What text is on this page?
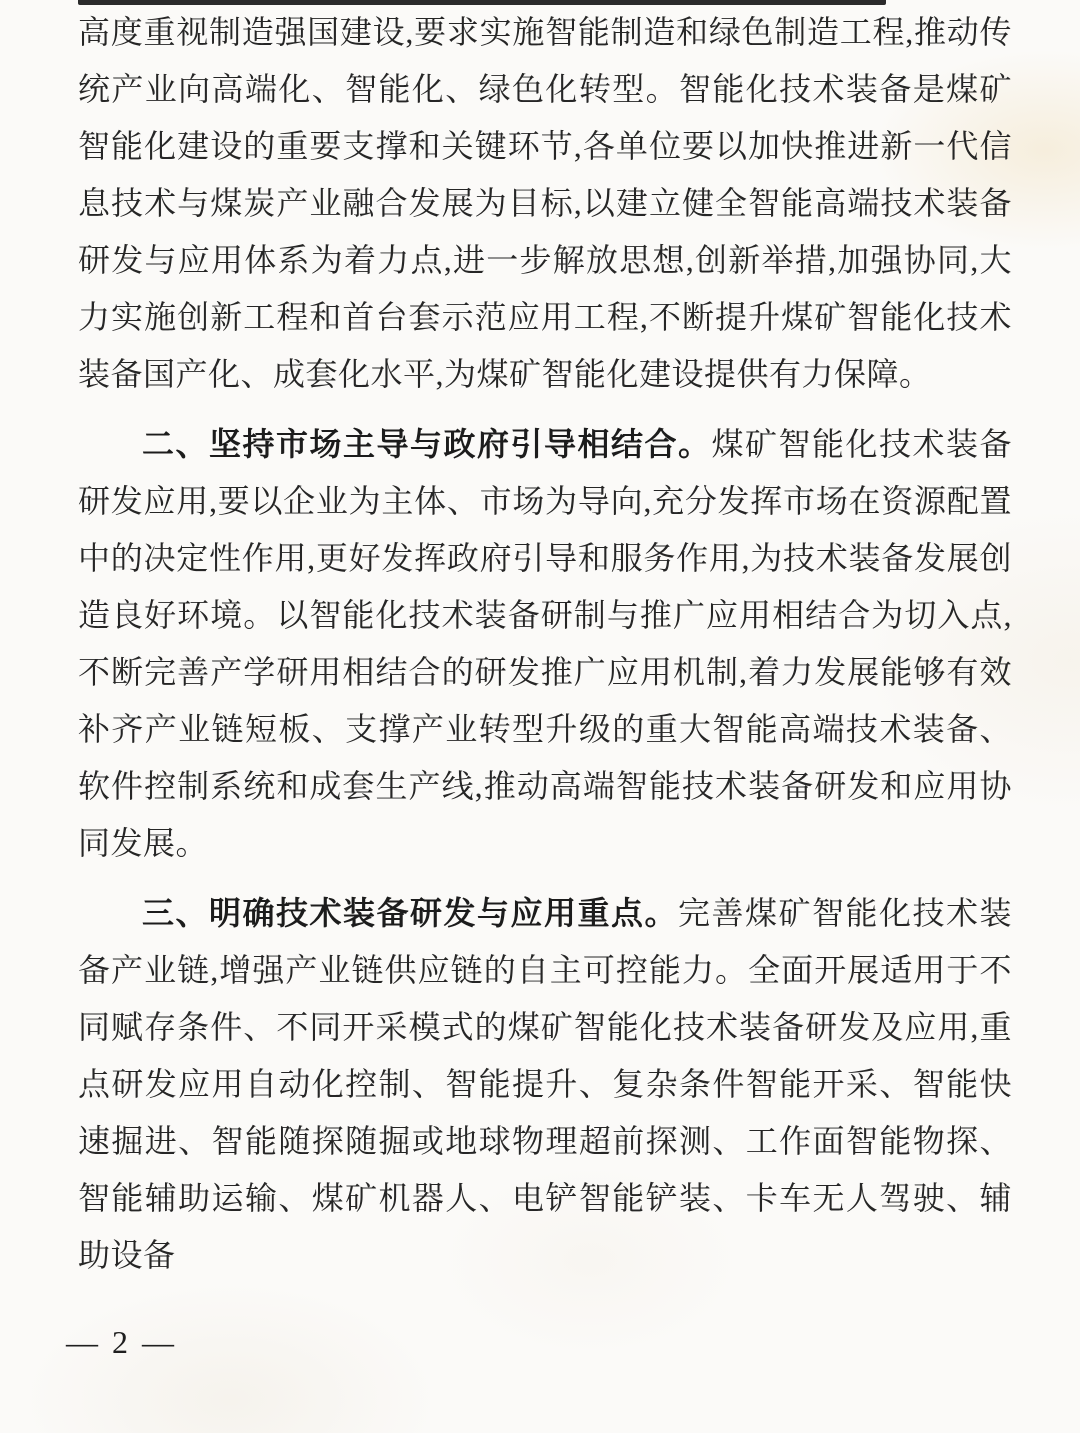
高度重视制造强国建设,要求实施智能制造和绿色制造工程,推动传统产业向高端化、智能化、绿色化转型。智能化技术装备是煤矿智能化建设的重要支撑和关键环节,各单位要以加快推进新一代信息技术与煤炭产业融合发展为目标,以建立健全智能高端技术装备研发与应用体系为着力点,进一步解放思想,创新举措,加强协同,大力实施创新工程和首台套示范应用工程,不断提升煤矿智能化技术装备国产化、成套化水平,为煤矿智能化建设提供有力保障。

二、坚持市场主导与政府引导相结合。煤矿智能化技术装备研发应用,要以企业为主体、市场为导向,充分发挥市场在资源配置中的决定性作用,更好发挥政府引导和服务作用,为技术装备发展创造良好环境。以智能化技术装备研制与推广应用相结合为切入点,不断完善产学研用相结合的研发推广应用机制,着力发展能够有效补齐产业链短板、支撑产业转型升级的重大智能高端技术装备、软件控制系统和成套生产线,推动高端智能技术装备研发和应用协同发展。

三、明确技术装备研发与应用重点。完善煤矿智能化技术装备产业链,增强产业链供应链的自主可控能力。全面开展适用于不同赋存条件、不同开采模式的煤矿智能化技术装备研发及应用,重点研发应用自动化控制、智能提升、复杂条件智能开采、智能快速掘进、智能随探随掘或地球物理超前探测、工作面智能物探、智能辅助运输、煤矿机器人、电铲智能铲装、卡车无人驾驶、辅助设备

— 2 —
